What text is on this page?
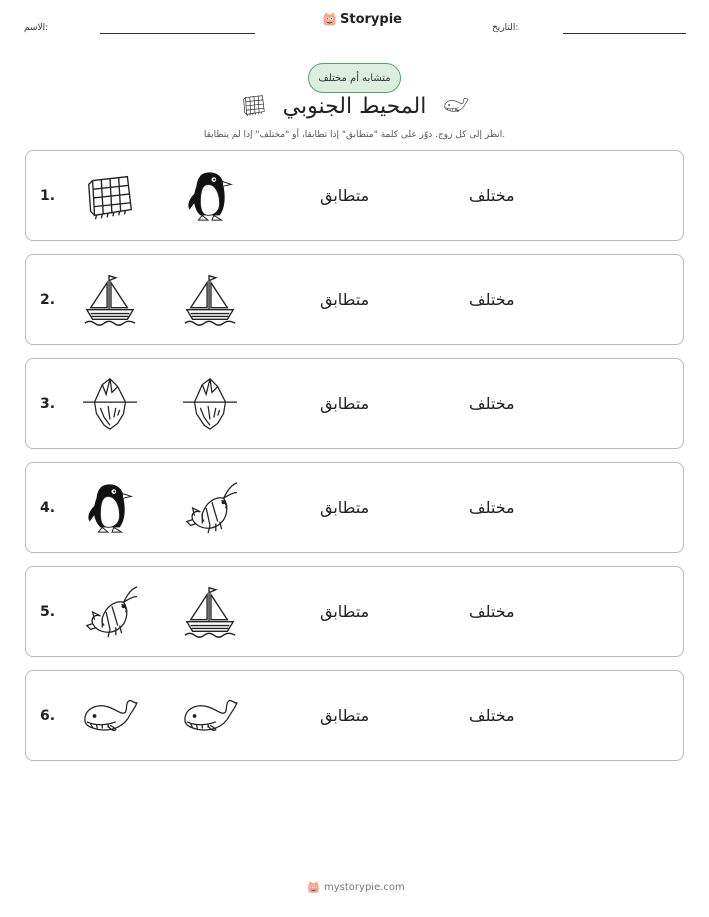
الاسم:
Storypie
التاريخ:
متشابه أم مختلف
المحيط الجنوبي
انظر إلى كل زوج. دوّر على كلمة "متطابق" إذا تطابقا، أو "مختلف" إذا لم يتطابقا.
1.	متطابق	مختلف
2.	متطابق	مختلف
3.	متطابق	مختلف
4.	متطابق	مختلف
5.	متطابق	مختلف
6.	متطابق	مختلف
mystorypie.com
